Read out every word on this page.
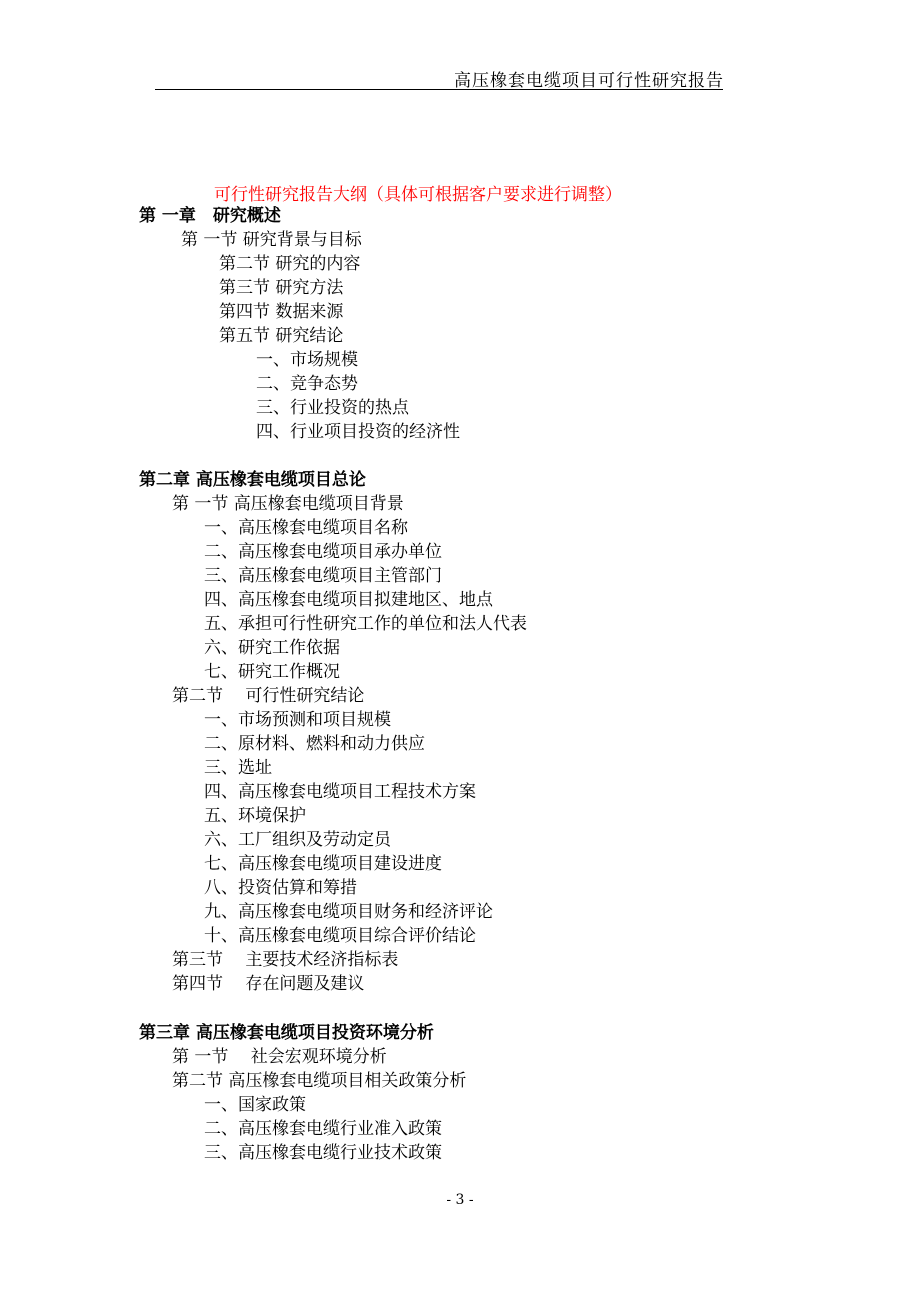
高压橡套电缆项目可行性研究报告
可行性研究报告大纲（具体可根据客户要求进行调整）
第 一章　研究概述
第 一节 研究背景与目标
第二节 研究的内容
第三节 研究方法
第四节 数据来源
第五节 研究结论
一、市场规模
二、竞争态势
三、行业投资的热点
四、行业项目投资的经济性
第二章 高压橡套电缆项目总论
第 一节 高压橡套电缆项目背景
一、高压橡套电缆项目名称
二、高压橡套电缆项目承办单位
三、高压橡套电缆项目主管部门
四、高压橡套电缆项目拟建地区、地点
五、承担可行性研究工作的单位和法人代表
六、研究工作依据
七、研究工作概况
第二节　 可行性研究结论
一、市场预测和项目规模
二、原材料、燃料和动力供应
三、选址
四、高压橡套电缆项目工程技术方案
五、环境保护
六、工厂组织及劳动定员
七、高压橡套电缆项目建设进度
八、投资估算和筹措
九、高压橡套电缆项目财务和经济评论
十、高压橡套电缆项目综合评价结论
第三节　 主要技术经济指标表
第四节　 存在问题及建议
第三章 高压橡套电缆项目投资环境分析
第 一节　 社会宏观环境分析
第二节 高压橡套电缆项目相关政策分析
一、国家政策
二、高压橡套电缆行业准入政策
三、高压橡套电缆行业技术政策
- 3 -
